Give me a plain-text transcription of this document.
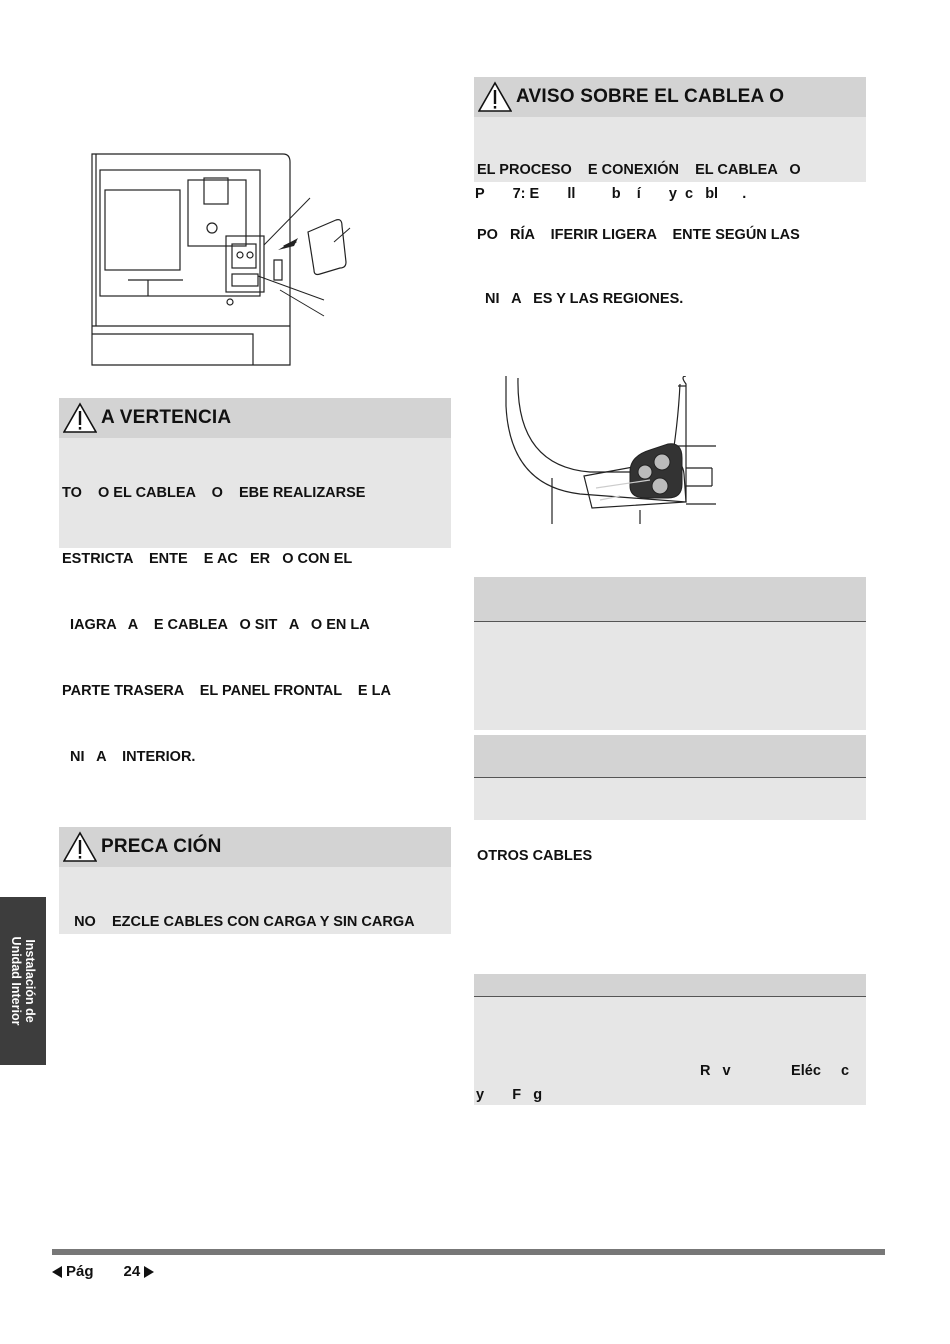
A VERTENCIA

TO    O EL CABLEA    O    EBE REALIZARSE

ESTRICTA    ENTE    E AC   ER   O CON EL

IAGRA   A    E CABLEA   O SIT   A   O EN LA

PARTE TRASERA    EL PANEL FRONTAL    E LA

NI   A    INTERIOR.

PRECA CIÓN

NO    EZCLE CABLES CON CARGA Y SIN CARGA

AVISO SOBRE EL CABLEA O

EL PROCESO    E CONEXIÓN    EL CABLEA   O

PO   RÍA    IFERIR LIGERA    ENTE SEGÚN LAS

NI   A   ES Y LAS REGIONES.

P       7: E       ll         b    í       y  c   bl      .

OTROS CABLES

R   v               Eléc     c
y       F   g
Instalación de
Unidad Interior
Pág 24
